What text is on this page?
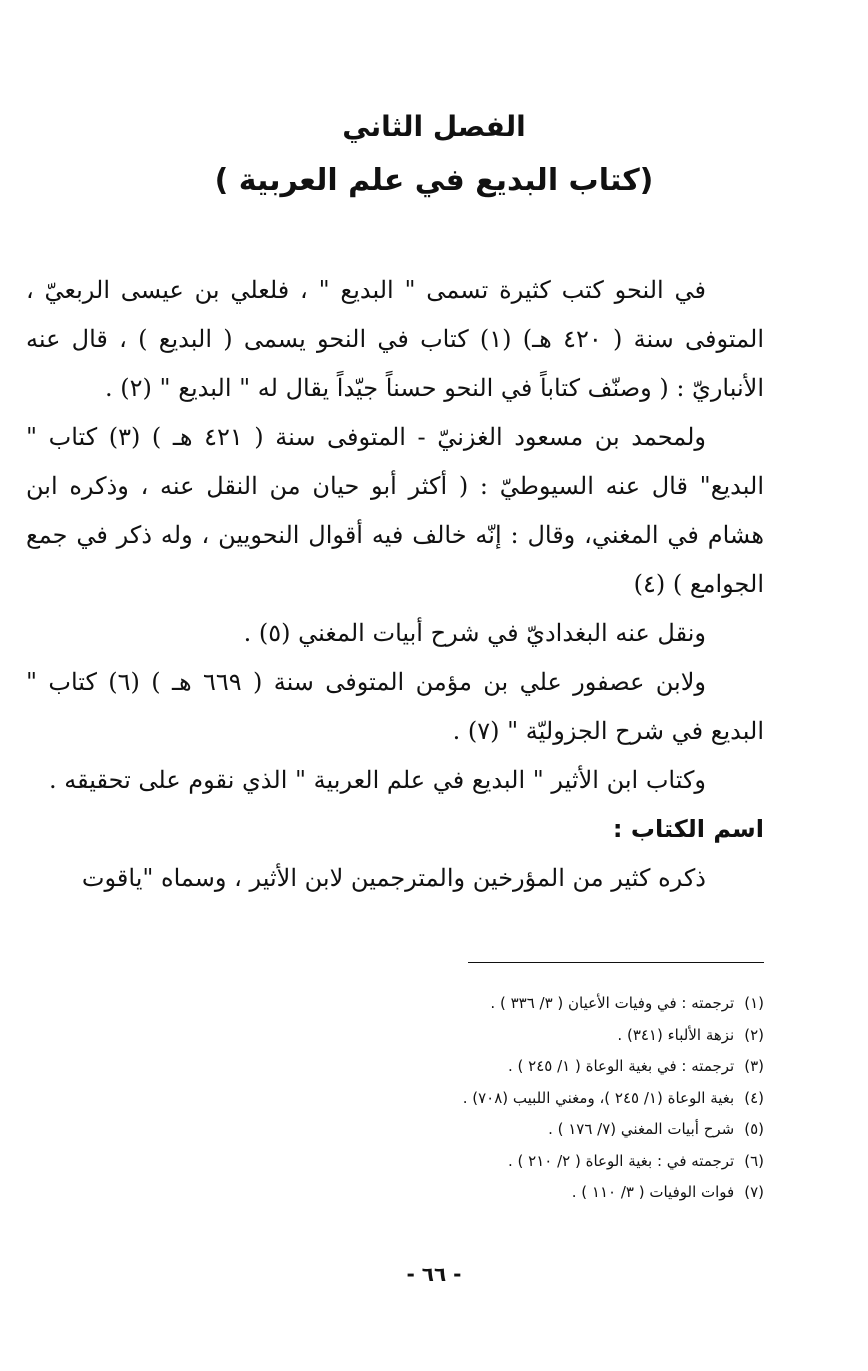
الفصل الثاني
(كتاب البديع في علم العربية )

في النحو كتب كثيرة تسمى " البديع " ، فلعلي بن عيسى الربعيّ ، المتوفى سنة ( ٤٢٠ هـ) (١) كتاب في النحو يسمى ( البديع ) ، قال عنه الأنباريّ : ( وصنّف كتاباً في النحو حسناً جيّداً يقال له " البديع " (٢) .

ولمحمد بن مسعود الغزنيّ - المتوفى سنة ( ٤٢١ هـ ) (٣) كتاب " البديع" قال عنه السيوطيّ : ( أكثر أبو حيان من النقل عنه ، وذكره ابن هشام في المغني، وقال : إنّه خالف فيه أقوال النحويين ، وله ذكر في جمع الجوامع ) (٤)

ونقل عنه البغداديّ في شرح أبيات المغني (٥) .

ولابن عصفور علي بن مؤمن المتوفى سنة ( ٦٦٩ هـ ) (٦) كتاب " البديع في شرح الجزوليّة " (٧) .

وكتاب ابن الأثير " البديع في علم العربية " الذي نقوم على تحقيقه .

اسم الكتاب :

ذكره كثير من المؤرخين والمترجمين لابن الأثير ، وسماه "ياقوت

(١)
ترجمته : في وفيات الأعيان ( ٣/ ٣٣٦ ) .
(٢)
نزهة الألباء (٣٤١) .
(٣)
ترجمته : في بغية الوعاة ( ١/ ٢٤٥ ) .
(٤)
بغية الوعاة (١/ ٢٤٥ )، ومغني اللبيب (٧٠٨) .
(٥)
شرح أبيات المغني (٧/ ١٧٦ ) .
(٦)
ترجمته في : بغية الوعاة ( ٢/ ٢١٠ ) .
(٧)
فوات الوفيات ( ٣/ ١١٠ ) .
- ٦٦ -
